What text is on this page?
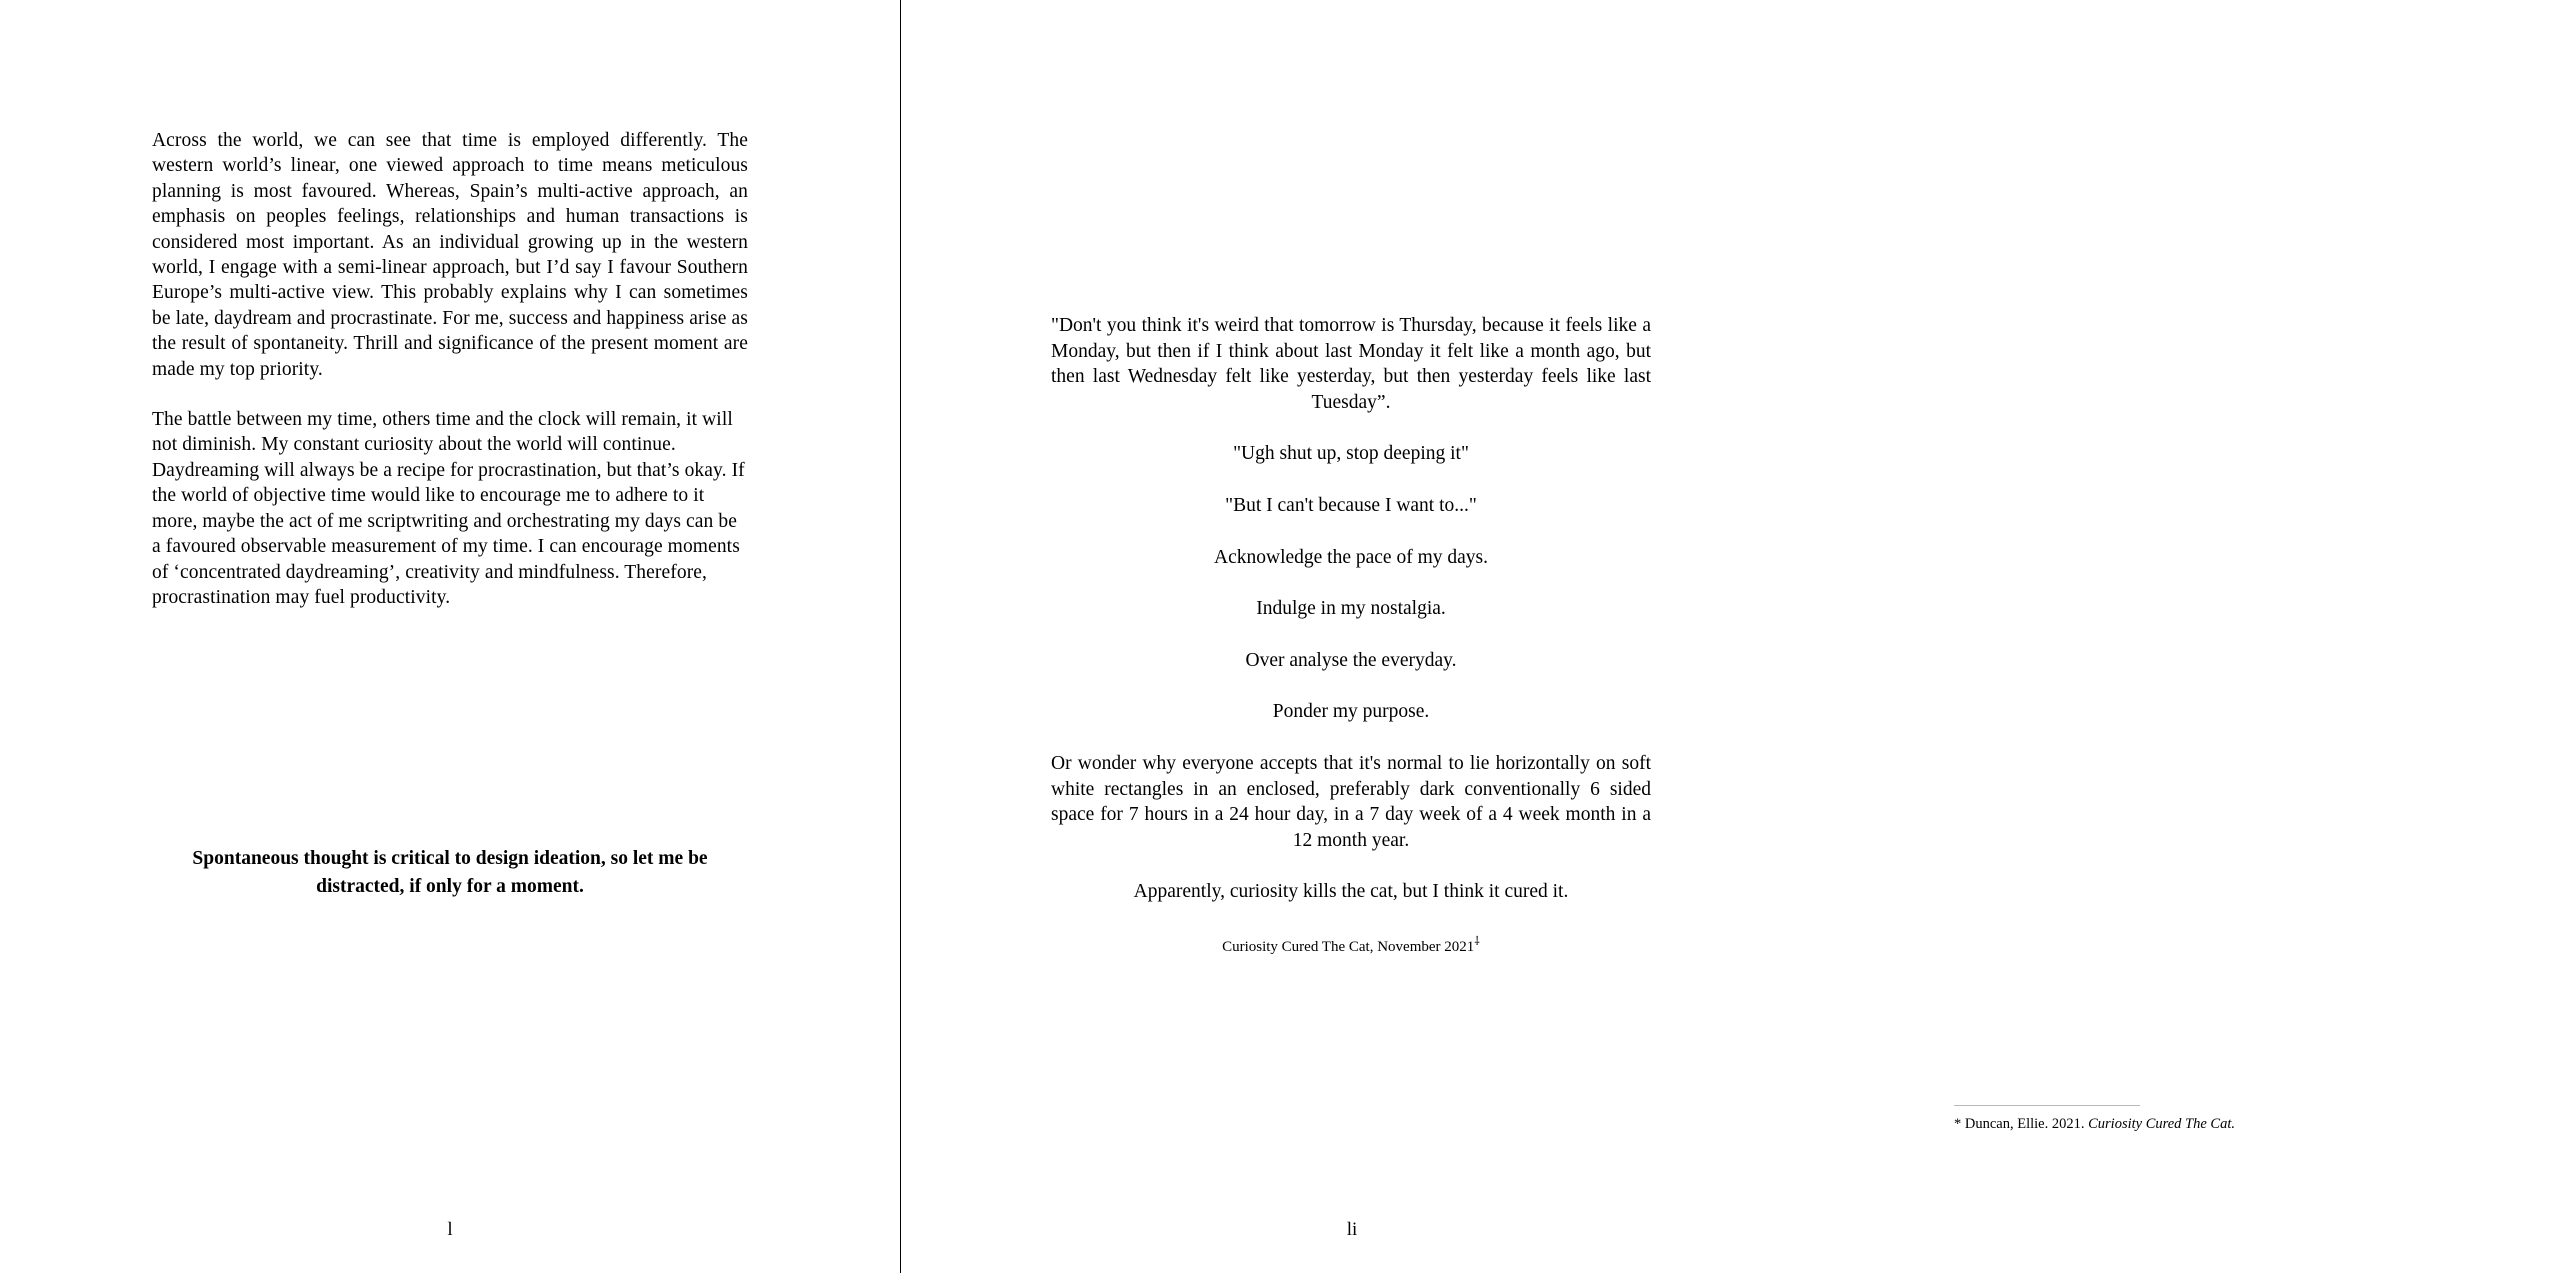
Across the world, we can see that time is employed differently. The western world’s linear, one viewed approach to time means meticulous planning is most favoured. Whereas, Spain’s multi-active approach, an emphasis on peoples feelings, relationships and human transactions is considered most important. As an individual growing up in the western world, I engage with a semi-linear approach, but I’d say I favour Southern Europe’s multi-active view. This probably explains why I can sometimes be late, daydream and procrastinate. For me, success and happiness arise as the result of spontaneity. Thrill and significance of the present moment are made my top priority.

The battle between my time, others time and the clock will remain, it will not diminish. My constant curiosity about the world will continue. Daydreaming will always be a recipe for procrastination, but that’s okay. If the world of objective time would like to encourage me to adhere to it more, maybe the act of me scriptwriting and orchestrating my days can be a favoured observable measurement of my time. I can encourage moments of ‘concentrated daydreaming’, creativity and mindfulness. Therefore, procrastination may fuel productivity.

Spontaneous thought is critical to design ideation, so let me be distracted, if only for a moment.
l

"Don't you think it's weird that tomorrow is Thursday, because it feels like a Monday, but then if I think about last Monday it felt like a month ago, but then last Wednesday felt like yesterday, but then yesterday feels like last Tuesday”.

"Ugh shut up, stop deeping it"

"But I can't because I want to..."

Acknowledge the pace of my days.

Indulge in my nostalgia.

Over analyse the everyday.

Ponder my purpose.

Or wonder why everyone accepts that it's normal to lie horizontally on soft white rectangles in an enclosed, preferably dark conventionally 6 sided space for 7 hours in a 24 hour day, in a 7 day week of a 4 week month in a 12 month year.

Apparently, curiosity kills the cat, but I think it cured it.

Curiosity Cured The Cat, November 2021⸸

* Duncan, Ellie. 2021. Curiosity Cured The Cat.
li
